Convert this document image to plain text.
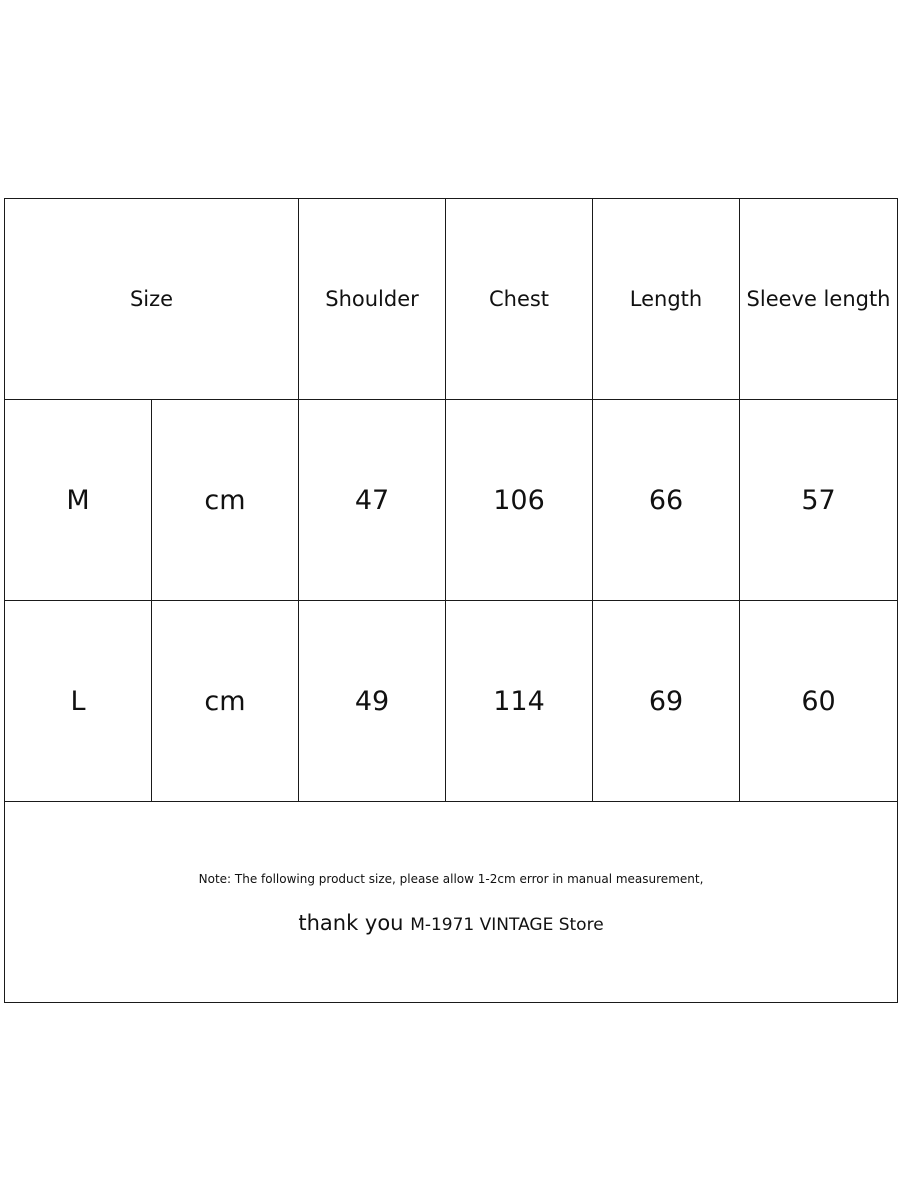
Size		Shoulder	Chest	Length	Sleeve length
M	cm	47	106	66	57
L	cm	49	114	69	60

Note: The following product size, please allow 1-2cm error in manual measurement,
thank you M-1971 VINTAGE Store					
